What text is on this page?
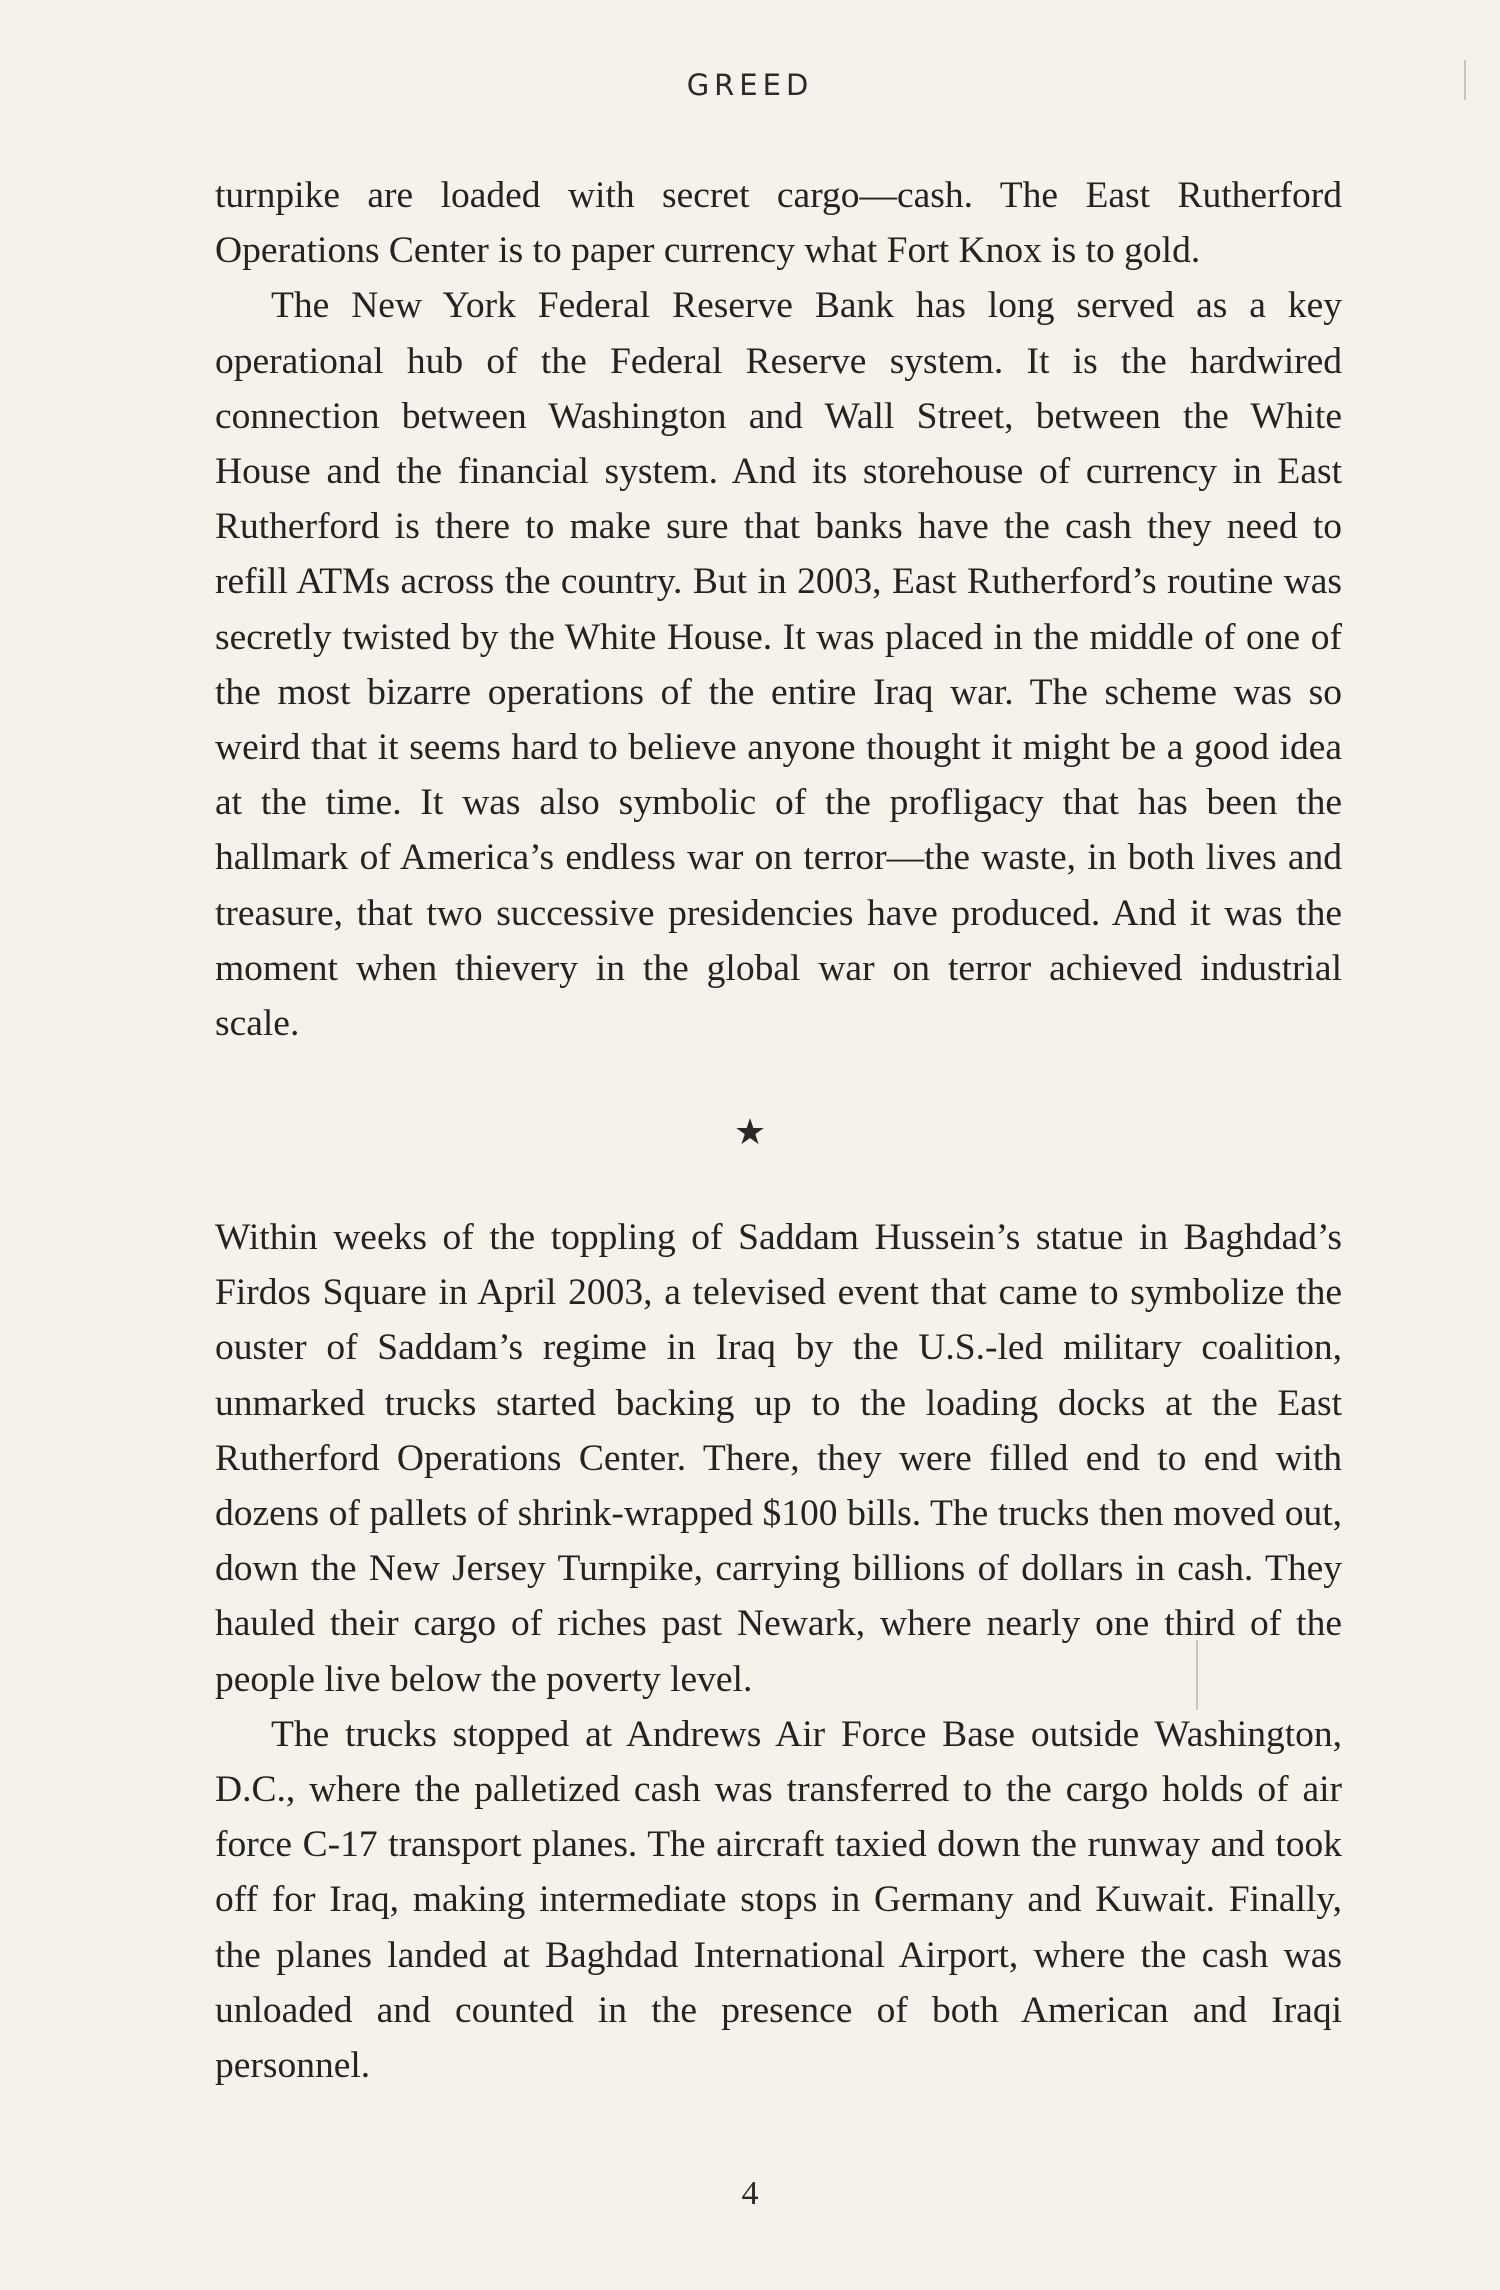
GREED

turnpike are loaded with secret cargo—cash. The East Rutherford Operations Center is to paper currency what Fort Knox is to gold.

The New York Federal Reserve Bank has long served as a key operational hub of the Federal Reserve system. It is the hardwired connection between Washington and Wall Street, between the White House and the financial system. And its storehouse of currency in East Rutherford is there to make sure that banks have the cash they need to refill ATMs across the country. But in 2003, East Rutherford’s routine was secretly twisted by the White House. It was placed in the middle of one of the most bizarre operations of the entire Iraq war. The scheme was so weird that it seems hard to believe anyone thought it might be a good idea at the time. It was also symbolic of the profligacy that has been the hallmark of America’s endless war on terror—the waste, in both lives and treasure, that two successive presidencies have produced. And it was the moment when thievery in the global war on terror achieved industrial scale.

★

Within weeks of the toppling of Saddam Hussein’s statue in Baghdad’s Firdos Square in April 2003, a televised event that came to symbolize the ouster of Saddam’s regime in Iraq by the U.S.-led military coalition, unmarked trucks started backing up to the loading docks at the East Rutherford Operations Center. There, they were filled end to end with dozens of pallets of shrink-wrapped $100 bills. The trucks then moved out, down the New Jersey Turnpike, carrying billions of dollars in cash. They hauled their cargo of riches past Newark, where nearly one third of the people live below the poverty level.

The trucks stopped at Andrews Air Force Base outside Washington, D.C., where the palletized cash was transferred to the cargo holds of air force C-17 transport planes. The aircraft taxied down the runway and took off for Iraq, making intermediate stops in Germany and Kuwait. Finally, the planes landed at Baghdad International Airport, where the cash was unloaded and counted in the presence of both American and Iraqi personnel.

4
